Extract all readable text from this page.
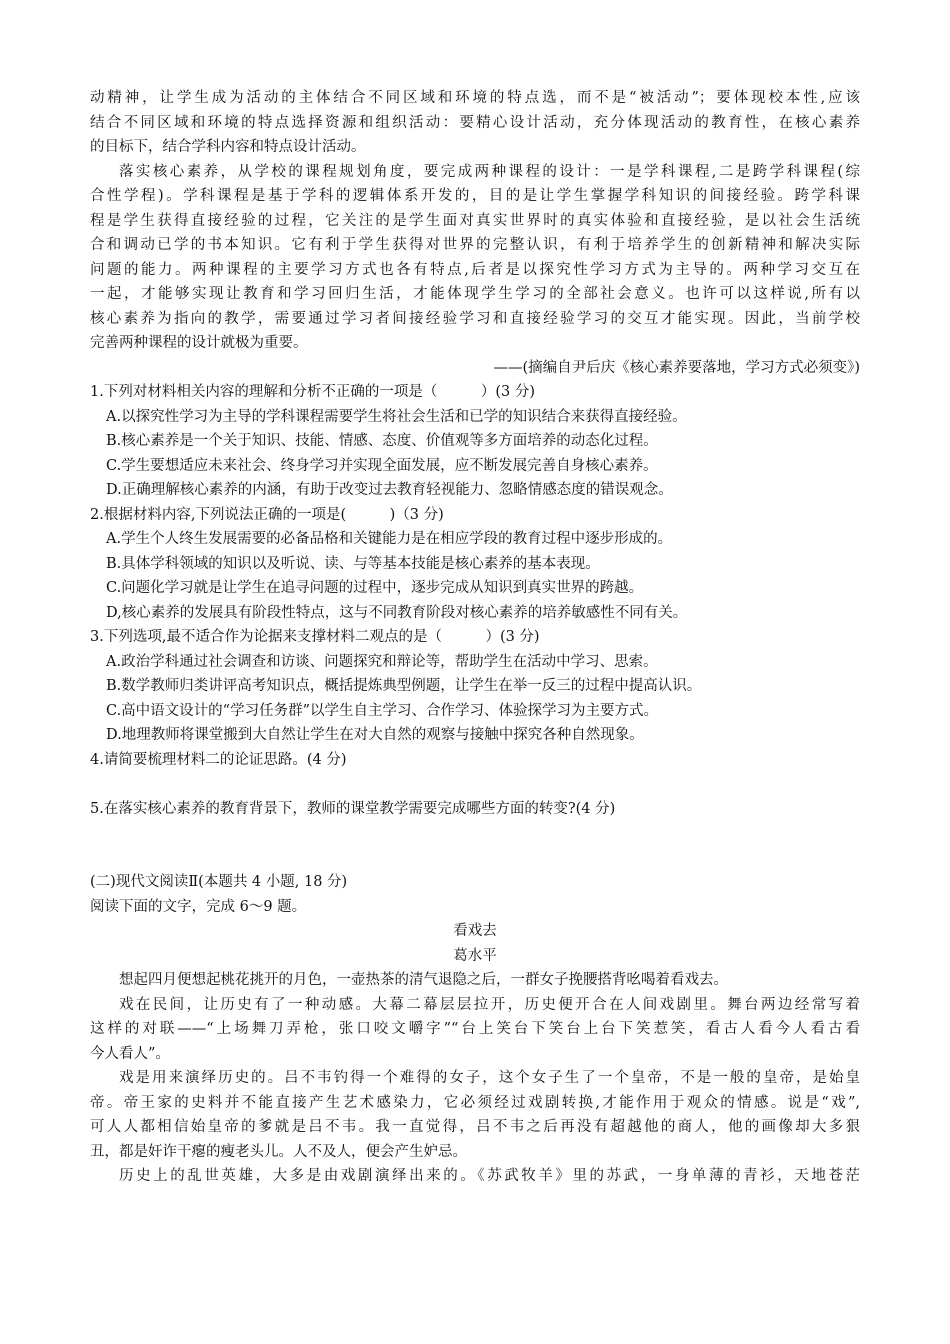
动精神，让学生成为活动的主体结合不同区域和环境的特点选，而不是“被活动”；要体现校本性,应该
结合不同区域和环境的特点选择资源和组织活动：要精心设计活动，充分体现活动的教育性，在核心素养
的目标下，结合学科内容和特点设计活动。
落实核心素养，从学校的课程规划角度，要完成两种课程的设计：一是学科课程,二是跨学科课程(综
合性学程)。学科课程是基于学科的逻辑体系开发的，目的是让学生掌握学科知识的间接经验。跨学科课
程是学生获得直接经验的过程，它关注的是学生面对真实世界时的真实体验和直接经验，是以社会生活统
合和调动已学的书本知识。它有利于学生获得对世界的完整认识，有利于培养学生的创新精神和解决实际
问题的能力。两种课程的主要学习方式也各有特点,后者是以探究性学习方式为主导的。两种学习交互在
一起，才能够实现让教育和学习回归生活，才能体现学生学习的全部社会意义。也许可以这样说,所有以
核心素养为指向的教学，需要通过学习者间接经验学习和直接经验学习的交互才能实现。因此，当前学校
完善两种课程的设计就极为重要。
——(摘编自尹后庆《核心素养要落地，学习方式必须变》)
1.下列对材料相关内容的理解和分析不正确的一项是（　　　）(3 分)
A.以探究性学习为主导的学科课程需要学生将社会生活和已学的知识结合来获得直接经验。
B.核心素养是一个关于知识、技能、情感、态度、价值观等多方面培养的动态化过程。
C.学生要想适应未来社会、终身学习并实现全面发展，应不断发展完善自身核心素养。
D.正确理解核心素养的内涵，有助于改变过去教育轻视能力、忽略情感态度的错误观念。
2.根据材料内容,下列说法正确的一项是(　　　)（3 分)
A.学生个人终生发展需要的必备品格和关键能力是在相应学段的教育过程中逐步形成的。
B.具体学科领域的知识以及听说、读、与等基本技能是核心素养的基本表现。
C.问题化学习就是让学生在追寻问题的过程中，逐步完成从知识到真实世界的跨越。
D,核心素养的发展具有阶段性特点，这与不同教育阶段对核心素养的培养敏感性不同有关。
3.下列选项,最不适合作为论据来支撑材料二观点的是（　　　）(3 分)
A.政治学科通过社会调查和访谈、问题探究和辩论等，帮助学生在活动中学习、思索。
B.数学教师归类讲评高考知识点，概括提炼典型例题，让学生在举一反三的过程中提高认识。
C.高中语文设计的“学习任务群”以学生自主学习、合作学习、体验探学习为主要方式。
D.地理教师将课堂搬到大自然让学生在对大自然的观察与接触中探究各种自然现象。
4.请简要梳理材料二的论证思路。(4 分)
5.在落实核心素养的教育背景下，教师的课堂教学需要完成哪些方面的转变?(4 分)
(二)现代文阅读Ⅱ(本题共 4 小题, 18 分)
阅读下面的文字，完成 6～9 题。
看戏去
葛水平
想起四月便想起桃花挑开的月色，一壶热茶的清气退隐之后，一群女子挽腰搭背吆喝着看戏去。
戏在民间，让历史有了一种动感。大幕二幕层层拉开，历史便开合在人间戏剧里。舞台两边经常写着
这样的对联——“上场舞刀弄枪，张口咬文嚼字”“台上笑台下笑台上台下笑惹笑，看古人看今人看古看
今人看人”。
戏是用来演绎历史的。吕不韦钓得一个难得的女子，这个女子生了一个皇帝，不是一般的皇帝，是始皇
帝。帝王家的史料并不能直接产生艺术感染力，它必须经过戏剧转换,才能作用于观众的情感。说是“戏”,
可人人都相信始皇帝的爹就是吕不韦。我一直觉得，吕不韦之后再没有超越他的商人，他的画像却大多狠
丑，都是奸诈干瘪的瘦老头儿。人不及人，便会产生妒忌。
历史上的乱世英雄，大多是由戏剧演绎出来的。《苏武牧羊》里的苏武，一身单薄的青衫，天地苍茫
